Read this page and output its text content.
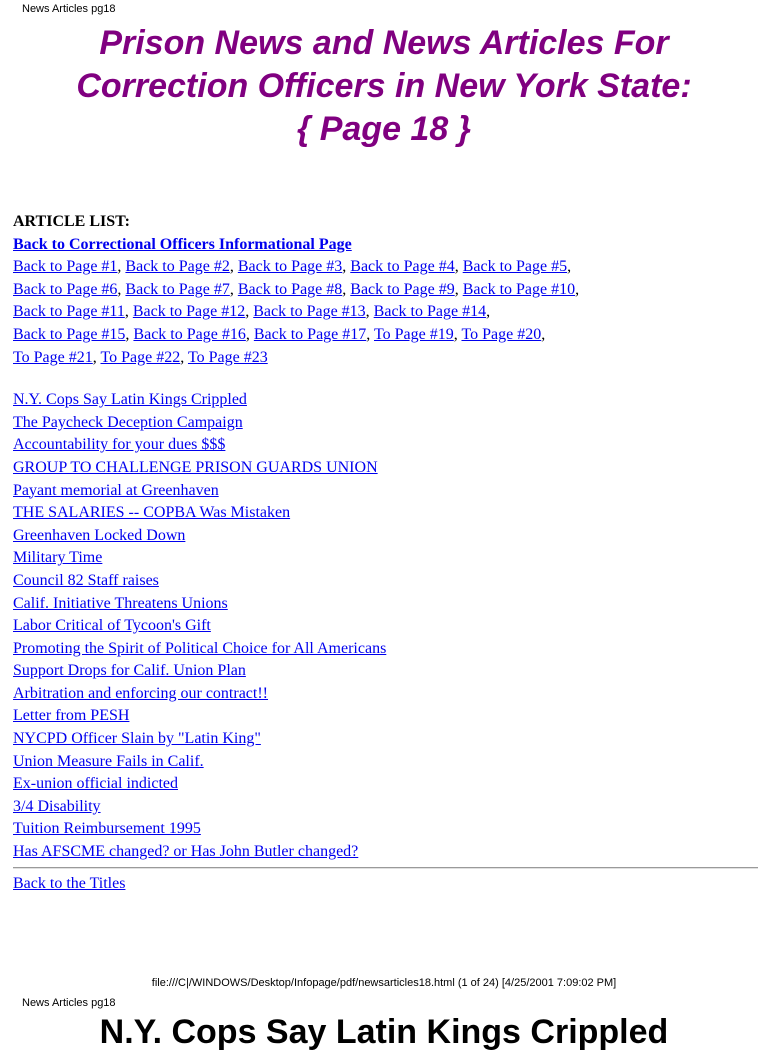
News Articles pg18
Prison News and News Articles For
Correction Officers in New York State:
{ Page 18 }
ARTICLE LIST:
Back to Correctional Officers Informational Page
Back to Page #1, Back to Page #2, Back to Page #3, Back to Page #4, Back to Page #5,
Back to Page #6, Back to Page #7, Back to Page #8, Back to Page #9, Back to Page #10,
Back to Page #11, Back to Page #12, Back to Page #13, Back to Page #14,
Back to Page #15, Back to Page #16, Back to Page #17, To Page #19, To Page #20,
To Page #21, To Page #22, To Page #23
N.Y. Cops Say Latin Kings Crippled
The Paycheck Deception Campaign
Accountability for your dues $$$
GROUP TO CHALLENGE PRISON GUARDS UNION
Payant memorial at Greenhaven
THE SALARIES -- COPBA Was Mistaken
Greenhaven Locked Down
Military Time
Council 82 Staff raises
Calif. Initiative Threatens Unions
Labor Critical of Tycoon's Gift
Promoting the Spirit of Political Choice for All Americans
Support Drops for Calif. Union Plan
Arbitration and enforcing our contract!!
Letter from PESH
NYCPD Officer Slain by "Latin King"
Union Measure Fails in Calif.
Ex-union official indicted
3/4 Disability
Tuition Reimbursement 1995
Has AFSCME changed? or Has John Butler changed?
Back to the Titles
file:///C|/WINDOWS/Desktop/Infopage/pdf/newsarticles18.html (1 of 24) [4/25/2001 7:09:02 PM]
News Articles pg18
N.Y. Cops Say Latin Kings Crippled
